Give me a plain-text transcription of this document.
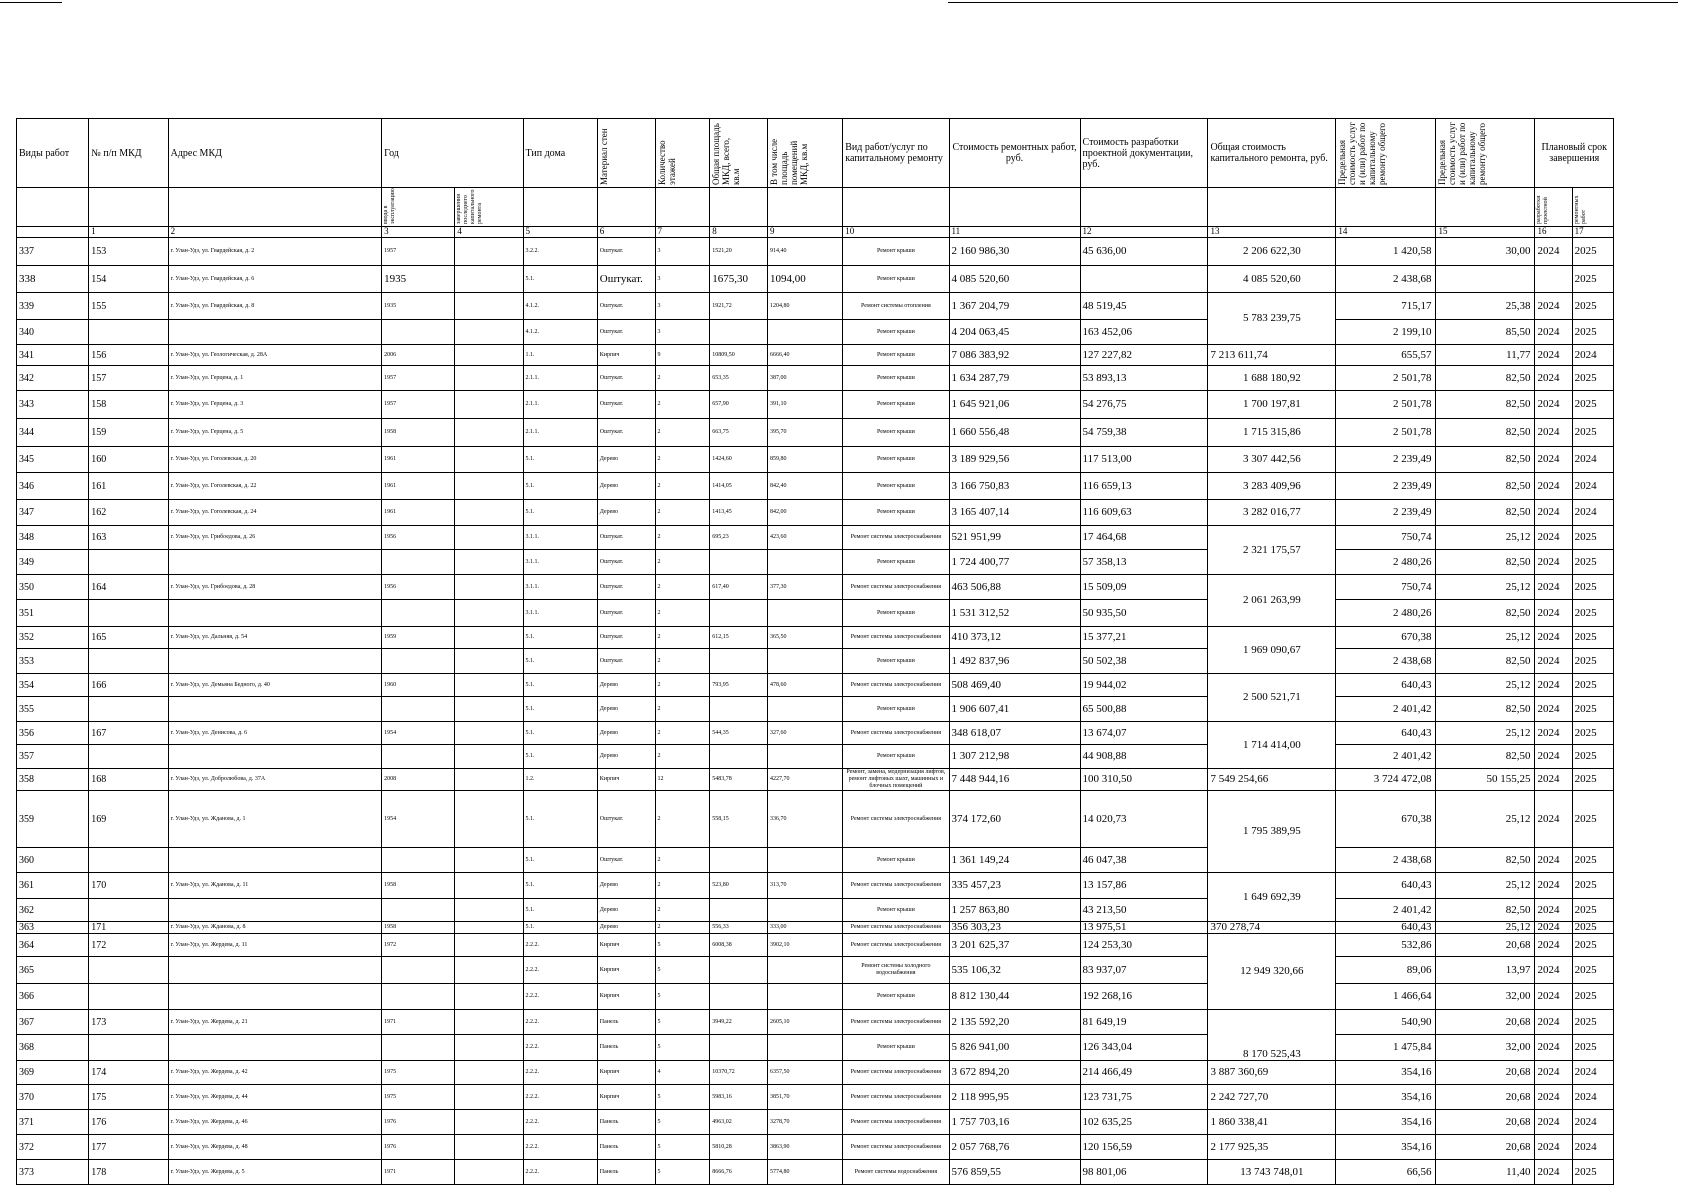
Виды работ	№ п/п МКД	Адрес МКД	Год		Тип дома	Материал стен	Количество этажей	Общая площадь МКД, всего, кв.м	В том числе площадь помещений МКД, кв.м	Вид работ/услуг по капитальному ремонту	Стоимость ремонтных работ, руб.	Стоимость разработки проектной документации, руб.	Общая стоимость капитального ремонта, руб.	Предельная стоимость услуг и (или) работ по капитальному ремонту общего	Предельная стоимость услуг и (или) работ по капитальному ремонту общего	Плановый срок завершения	

			ввода в эксплуатацию	завершения последнего капитального ремонта												разработки проектной	ремонтных работ

	1	2	3	4	5	6	7	8	9	10	11	12	13	14	15	16	17
337	153	г. Улан-Удэ, ул. Гвардейская, д. 2	1957		3.2.2.	Оштукат.	3	1521,20	914,40	Ремонт крыши	2 160 986,30	45 636,00	2 206 622,30	1 420,58	30,00	2024	2025
338	154	г. Улан-Удэ, ул. Гвардейская, д. 6	1935		5.1.	Оштукат.	3	1675,30	1094,00	Ремонт крыши	4 085 520,60		4 085 520,60	2 438,68			2025
339	155	г. Улан-Удэ, ул. Гвардейская, д. 8	1935		4.1.2.	Оштукат.	3	1921,72	1204,80	Ремонт системы отопления	1 367 204,79	48 519,45	5 783 239,75	715,17	25,38	2024	2025
340					4.1.2.	Оштукат.	3			Ремонт крыши	4 204 063,45	163 452,06		2 199,10	85,50	2024	2025
341	156	г. Улан-Удэ, ул. Геологическая, д. 28А	2006		1.1.	Кирпич	9	10809,50	6666,40	Ремонт крыши	7 086 383,92	127 227,82	7 213 611,74	655,57	11,77	2024	2024
342	157	г. Улан-Удэ, ул. Герцена, д. 1	1957		2.1.1.	Оштукат.	2	653,35	387,00	Ремонт крыши	1 634 287,79	53 893,13	1 688 180,92	2 501,78	82,50	2024	2025
343	158	г. Улан-Удэ, ул. Герцена, д. 3	1957		2.1.1.	Оштукат.	2	657,90	391,10	Ремонт крыши	1 645 921,06	54 276,75	1 700 197,81	2 501,78	82,50	2024	2025
344	159	г. Улан-Удэ, ул. Герцена, д. 5	1958		2.1.1.	Оштукат.	2	663,75	395,70	Ремонт крыши	1 660 556,48	54 759,38	1 715 315,86	2 501,78	82,50	2024	2025
345	160	г. Улан-Удэ, ул. Гоголевская, д. 20	1961		5.1.	Дерево	2	1424,60	859,80	Ремонт крыши	3 189 929,56	117 513,00	3 307 442,56	2 239,49	82,50	2024	2024
346	161	г. Улан-Удэ, ул. Гоголевская, д. 22	1961		5.1.	Дерево	2	1414,05	842,40	Ремонт крыши	3 166 750,83	116 659,13	3 283 409,96	2 239,49	82,50	2024	2024
347	162	г. Улан-Удэ, ул. Гоголевская, д. 24	1961		5.1.	Дерево	2	1413,45	842,00	Ремонт крыши	3 165 407,14	116 609,63	3 282 016,77	2 239,49	82,50	2024	2024
348	163	г. Улан-Удэ, ул. Грибоедова, д. 26	1956		3.1.1.	Оштукат.	2	695,23	423,60	Ремонт системы электроснабжения	521 951,99	17 464,68	2 321 175,57	750,74	25,12	2024	2025
349					3.1.1.	Оштукат.	2			Ремонт крыши	1 724 400,77	57 358,13		2 480,26	82,50	2024	2025
350	164	г. Улан-Удэ, ул. Грибоедова, д. 28	1956		3.1.1.	Оштукат.	2	617,40	377,30	Ремонт системы электроснабжения	463 506,88	15 509,09	2 061 263,99	750,74	25,12	2024	2025
351					3.1.1.	Оштукат.	2			Ремонт крыши	1 531 312,52	50 935,50		2 480,26	82,50	2024	2025
352	165	г. Улан-Удэ, ул. Дальняя, д. 54	1959		5.1.	Оштукат.	2	612,15	365,50	Ремонт системы электроснабжения	410 373,12	15 377,21	1 969 090,67	670,38	25,12	2024	2025
353					5.1.	Оштукат.	2			Ремонт крыши	1 492 837,96	50 502,38		2 438,68	82,50	2024	2025
354	166	г. Улан-Удэ, ул. Демьяна Бедного, д. 40	1960		5.1.	Дерево	2	793,95	478,60	Ремонт системы электроснабжения	508 469,40	19 944,02	2 500 521,71	640,43	25,12	2024	2025
355					5.1.	Дерево	2			Ремонт крыши	1 906 607,41	65 500,88		2 401,42	82,50	2024	2025
356	167	г. Улан-Удэ, ул. Денисова, д. 6	1954		5.1.	Дерево	2	544,35	327,60	Ремонт системы электроснабжения	348 618,07	13 674,07	1 714 414,00	640,43	25,12	2024	2025
357					5.1.	Дерево	2			Ремонт крыши	1 307 212,98	44 908,88		2 401,42	82,50	2024	2025
358	168	г. Улан-Удэ, ул. Добролюбова, д. 37А	2008		1.2.	Кирпич	12	5483,78	4227,70	Ремонт, замена, модернизация лифтов, ремонт лифтовых шахт, машинных и блочных помещений	7 448 944,16	100 310,50	7 549 254,66	3 724 472,08	50 155,25	2024	2025
359	169	г. Улан-Удэ, ул. Жданова, д. 1	1954		5.1.	Оштукат.	2	558,15	336,70	Ремонт системы электроснабжения	374 172,60	14 020,73	1 795 389,95	670,38	25,12	2024	2025
360					5.1.	Оштукат.	2			Ремонт крыши	1 361 149,24	46 047,38		2 438,68	82,50	2024	2025
361	170	г. Улан-Удэ, ул. Жданова, д. 11	1958		5.1.	Дерево	2	523,80	313,70	Ремонт системы электроснабжения	335 457,23	13 157,86	1 649 692,39	640,43	25,12	2024	2025
362					5.1.	Дерево	2			Ремонт крыши	1 257 863,80	43 213,50		2 401,42	82,50	2024	2025
363	171	г. Улан-Удэ, ул. Жданова, д. 8	1958		5.1.	Дерево	2	556,33	333,00	Ремонт системы электроснабжения	356 303,23	13 975,51	370 278,74	640,43	25,12	2024	2025
364	172	г. Улан-Удэ, ул. Жердева, д. 11	1972		2.2.2.	Кирпич	5	6008,38	3902,10	Ремонт системы электроснабжения	3 201 625,37	124 253,30	12 949 320,66	532,86	20,68	2024	2025
365					2.2.2.	Кирпич	5			Ремонт системы холодного водоснабжения	535 106,32	83 937,07		89,06	13,97	2024	2025
366					2.2.2.	Кирпич	5			Ремонт крыши	8 812 130,44	192 268,16		1 466,64	32,00	2024	2025
367	173	г. Улан-Удэ, ул. Жердева, д. 21	1971		2.2.2.	Панель	5	3949,22	2605,10	Ремонт системы электроснабжения	2 135 592,20	81 649,19	8 170 525,43	540,90	20,68	2024	2025
368					2.2.2.	Панель	5			Ремонт крыши	5 826 941,00	126 343,04		1 475,84	32,00	2024	2025
369	174	г. Улан-Удэ, ул. Жердева, д. 42	1975		2.2.2.	Кирпич	4	10370,72	6357,50	Ремонт системы электроснабжения	3 672 894,20	214 466,49	3 887 360,69	354,16	20,68	2024	2024
370	175	г. Улан-Удэ, ул. Жердева, д. 44	1975		2.2.2.	Кирпич	5	5983,16	3851,70	Ремонт системы электроснабжения	2 118 995,95	123 731,75	2 242 727,70	354,16	20,68	2024	2024
371	176	г. Улан-Удэ, ул. Жердева, д. 46	1976		2.2.2.	Панель	5	4963,02	3278,70	Ремонт системы электроснабжения	1 757 703,16	102 635,25	1 860 338,41	354,16	20,68	2024	2024
372	177	г. Улан-Удэ, ул. Жердева, д. 48	1976		2.2.2.	Панель	5	5810,28	3863,90	Ремонт системы электроснабжения	2 057 768,76	120 156,59	2 177 925,35	354,16	20,68	2024	2024
373	178	г. Улан-Удэ, ул. Жердева, д. 5	1971		2.2.2.	Панель	5	8666,76	5774,80	Ремонт системы водоснабжения	576 859,55	98 801,06	13 743 748,01	66,56	11,40	2024	2025
